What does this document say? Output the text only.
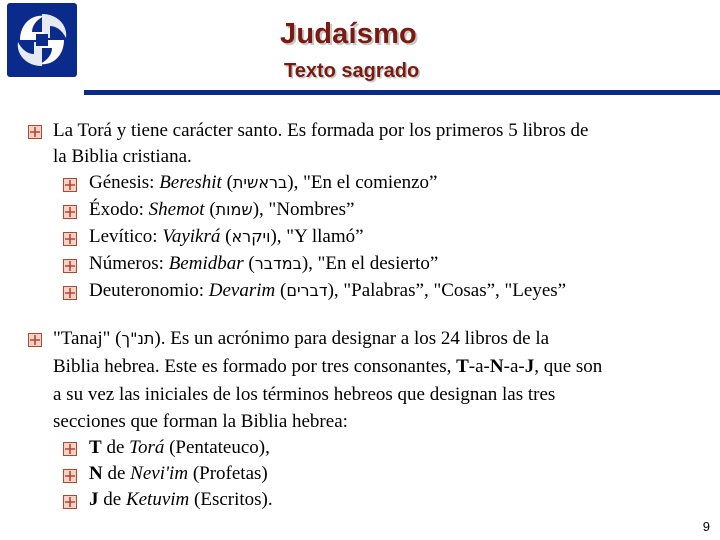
Judaísmo
Texto sagrado
La Torá y tiene carácter santo. Es formada por los primeros 5 libros de
la Biblia cristiana.
Génesis: Bereshit (בראשית), "En el comienzo”
Éxodo: Shemot (שמות), "Nombres”
Levítico: Vayikrá (ויקרא), "Y llamó”
Números: Bemidbar (במדבר), "En el desierto”
Deuteronomio: Devarim (דברים), "Palabras”, "Cosas”, "Leyes”
"Tanaj" (תנ"ך). Es un acrónimo para designar a los 24 libros de la
Biblia hebrea. Este es formado por tres consonantes, T-a-N-a-J, que son
a su vez las iniciales de los términos hebreos que designan las tres
secciones que forman la Biblia hebrea:
T de Torá (Pentateuco),
N de Nevi'im (Profetas)
J de Ketuvim (Escritos).
9
